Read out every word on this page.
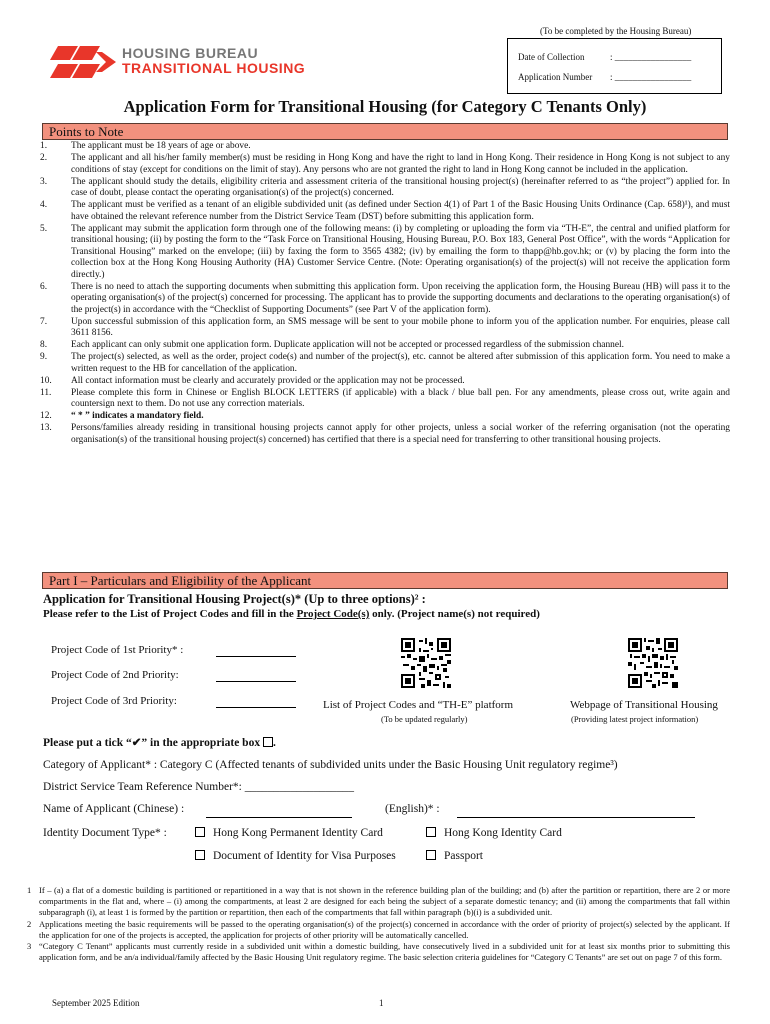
HOUSING BUREAU
TRANSITIONAL HOUSING
(To be completed by the Housing Bureau)
Date of Collection	: _________________
Application Number : _________________
Application Form for Transitional Housing (for Category C Tenants Only)
Points to Note
1.	The applicant must be 18 years of age or above.
2.	The applicant and all his/her family member(s) must be residing in Hong Kong and have the right to land in Hong Kong. Their residence in Hong Kong is not subject to any conditions of stay (except for conditions on the limit of stay). Any persons who are not granted the right to land in Hong Kong cannot be included in the application.
3.	The applicant should study the details, eligibility criteria and assessment criteria of the transitional housing project(s) (hereinafter referred to as “the project”) applied for. In case of doubt, please contact the operating organisation(s) of the project(s) concerned.
4.	The applicant must be verified as a tenant of an eligible subdivided unit (as defined under Section 4(1) of Part 1 of the Basic Housing Units Ordinance (Cap. 658)¹), and must have obtained the relevant reference number from the District Service Team (DST) before submitting this application form.
5.	The applicant may submit the application form through one of the following means: (i) by completing or uploading the form via “TH-E”, the central and unified platform for transitional housing; (ii) by posting the form to the “Task Force on Transitional Housing, Housing Bureau, P.O. Box 183, General Post Office”, with the words “Application for Transitional Housing” marked on the envelope; (iii) by faxing the form to 3565 4382; (iv) by emailing the form to thapp@hb.gov.hk; or (v) by placing the form into the collection box at the Hong Kong Housing Authority (HA) Customer Service Centre. (Note: Operating organisation(s) of the project(s) will not receive the application form directly.)
6.	There is no need to attach the supporting documents when submitting this application form. Upon receiving the application form, the Housing Bureau (HB) will pass it to the operating organisation(s) of the project(s) concerned for processing. The applicant has to provide the supporting documents and declarations to the operating organisation(s) of the project(s) in accordance with the “Checklist of Supporting Documents” (see Part V of the application form).
7.	Upon successful submission of this application form, an SMS message will be sent to your mobile phone to inform you of the application number. For enquiries, please call 3611 8156.
8.	Each applicant can only submit one application form. Duplicate application will not be accepted or processed regardless of the submission channel.
9.	The project(s) selected, as well as the order, project code(s) and number of the project(s), etc. cannot be altered after submission of this application form. You need to make a written request to the HB for cancellation of the application.
10.	All contact information must be clearly and accurately provided or the application may not be processed.
11.	Please complete this form in Chinese or English BLOCK LETTERS (if applicable) with a black / blue ball pen. For any amendments, please cross out, write again and countersign next to them. Do not use any correction materials.
12.	“ * ” indicates a mandatory field.
13.	Persons/families already residing in transitional housing projects cannot apply for other projects, unless a social worker of the referring organisation (not the operating organisation(s) of the transitional housing project(s) concerned) has certified that there is a special need for transferring to other transitional housing projects.
Part I – Particulars and Eligibility of the Applicant
Application for Transitional Housing Project(s)* (Up to three options)² :
Please refer to the List of Project Codes and fill in the Project Code(s) only. (Project name(s) not required)
Project Code of 1st Priority* :
Project Code of 2nd Priority:
Project Code of 3rd Priority:	List of Project Codes and “TH-E” platform
(To be updated regularly)
Webpage of Transitional Housing
(Providing latest project information)
Please put a tick “✔” in the appropriate box .
Category of Applicant* : Category C (Affected tenants of subdivided units under the Basic Housing Unit regulatory regime³)
District Service Team Reference Number*: ___________________
Name of Applicant (Chinese) :	(English)* :
Identity Document Type* :	Hong Kong Permanent Identity Card	Hong Kong Identity Card
Document of Identity for Visa Purposes	Passport
1 If – (a) a flat of a domestic building is partitioned or repartitioned in a way that is not shown in the reference building plan of the building; and (b) after the partition or repartition, there are 2 or more compartments in the flat and, where – (i) among the compartments, at least 2 are designed for each being the subject of a separate domestic tenancy; and (ii) among the compartments that fall within subparagraph (i), at least 1 is formed by the partition or repartition, then each of the compartments that fall within paragraph (b)(i) is a subdivided unit.
2 Applications meeting the basic requirements will be passed to the operating organisation(s) of the project(s) concerned in accordance with the order of priority of project(s) selected by the applicant. If the application for one of the projects is accepted, the application for projects of other priority will be automatically cancelled.
3 “Category C Tenant” applicants must currently reside in a subdivided unit within a domestic building, have consecutively lived in a subdivided unit for at least six months prior to submitting this application form, and be an/a individual/family affected by the Basic Housing Unit regulatory regime. The basic selection criteria guidelines for “Category C Tenants” are set out on page 7 of this form.
September 2025 Edition	1
